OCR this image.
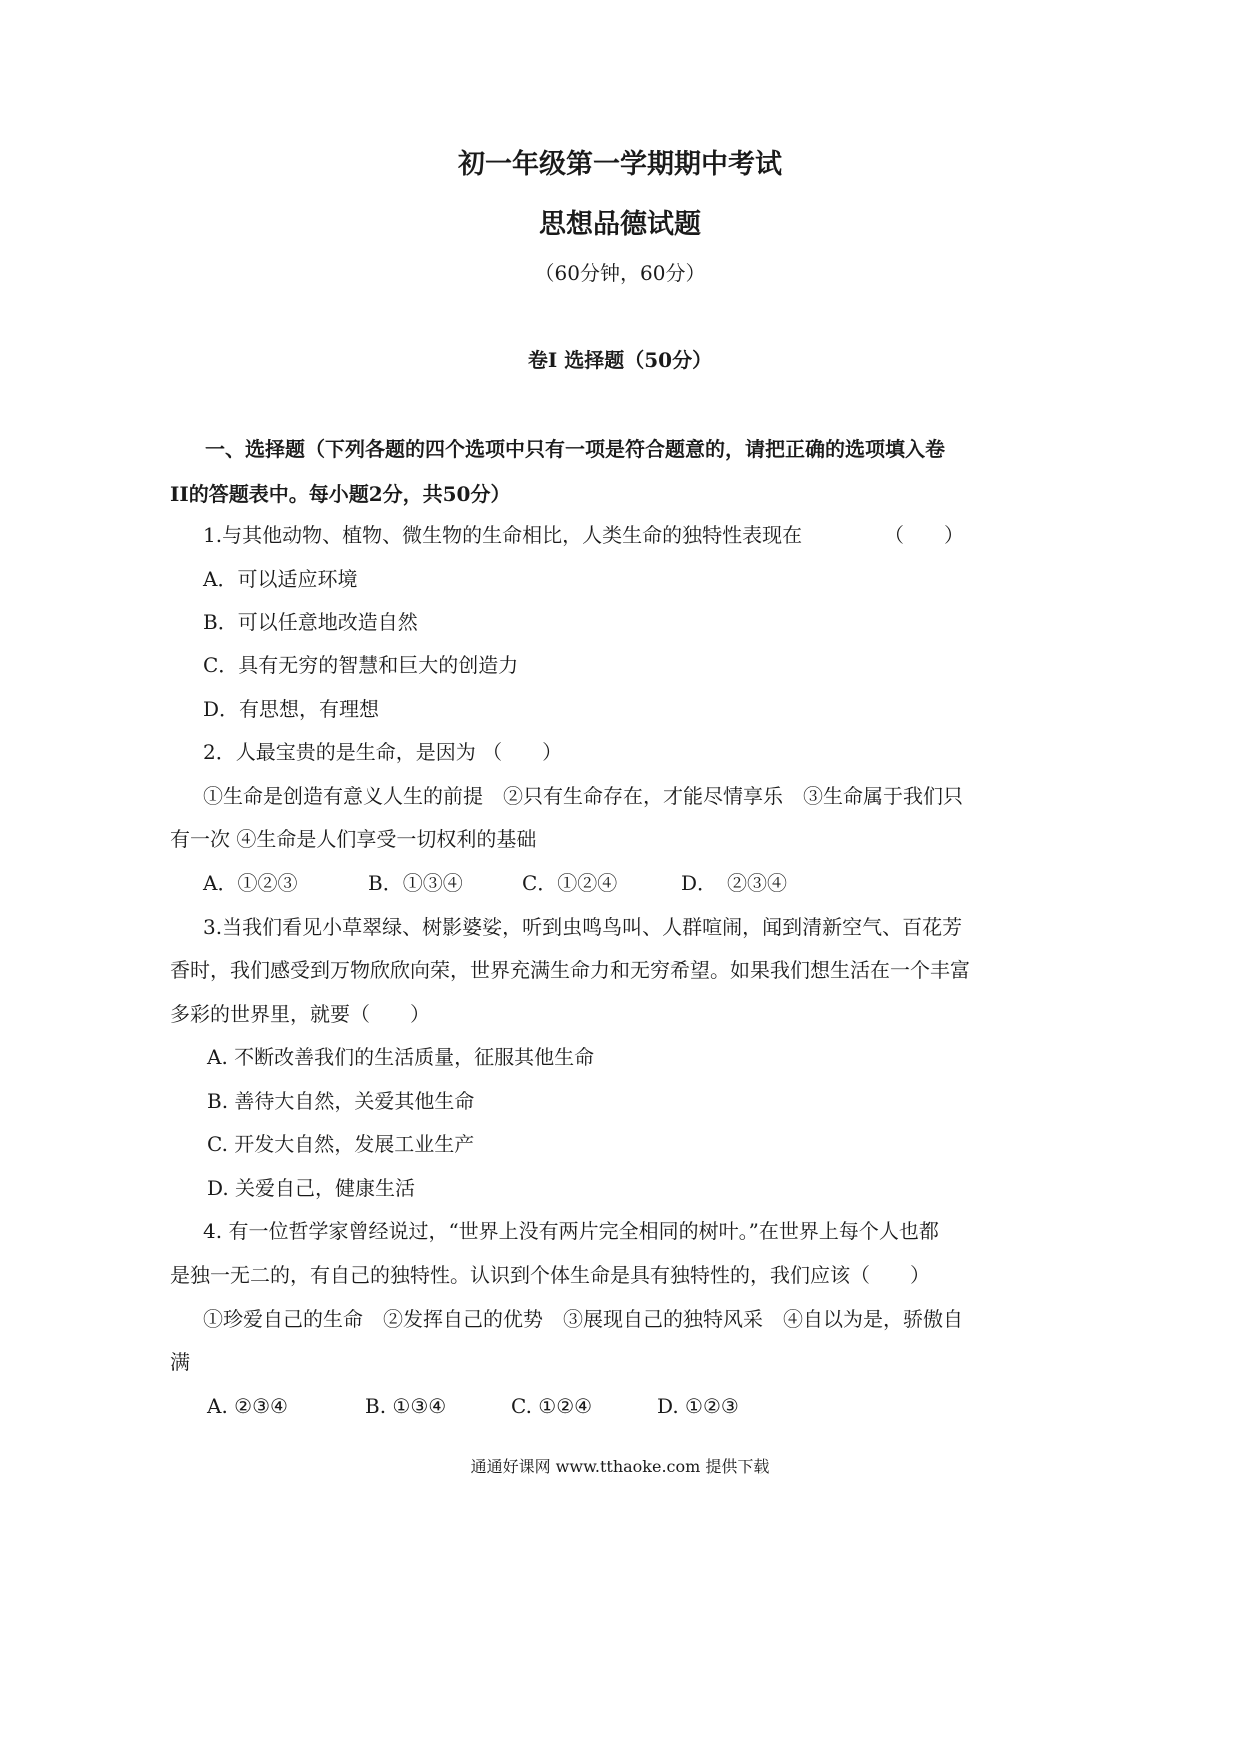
初一年级第一学期期中考试
思想品德试题
（60分钟，60分）
卷Ⅰ 选择题（50分）
一、选择题（下列各题的四个选项中只有一项是符合题意的，请把正确的选项填入卷
II的答题表中。每小题2分，共50分）
1.与其他动物、植物、微生物的生命相比，人类生命的独特性表现在	（　　）
A．可以适应环境
B．可以任意地改造自然
C．具有无穷的智慧和巨大的创造力
D．有思想，有理想
2．人最宝贵的是生命，是因为 （　　）
①生命是创造有意义人生的前提　②只有生命存在，才能尽情享乐　③生命属于我们只
有一次 ④生命是人们享受一切权利的基础
A．①②③	B．①③④	C．①②④	D．　②③④
3.当我们看见小草翠绿、树影婆娑，听到虫鸣鸟叫、人群喧闹，闻到清新空气、百花芳
香时，我们感受到万物欣欣向荣，世界充满生命力和无穷希望。如果我们想生活在一个丰富
多彩的世界里，就要（　　）
A. 不断改善我们的生活质量，征服其他生命
B. 善待大自然，关爱其他生命
C. 开发大自然，发展工业生产
D. 关爱自己，健康生活
4. 有一位哲学家曾经说过，“世界上没有两片完全相同的树叶。”在世界上每个人也都
是独一无二的，有自己的独特性。认识到个体生命是具有独特性的，我们应该（　　）
①珍爱自己的生命　②发挥自己的优势　③展现自己的独特风采　④自以为是，骄傲自
满
A. ②③④	B. ①③④	C. ①②④	D. ①②③
通通好课网 www.tthaoke.com 提供下载
